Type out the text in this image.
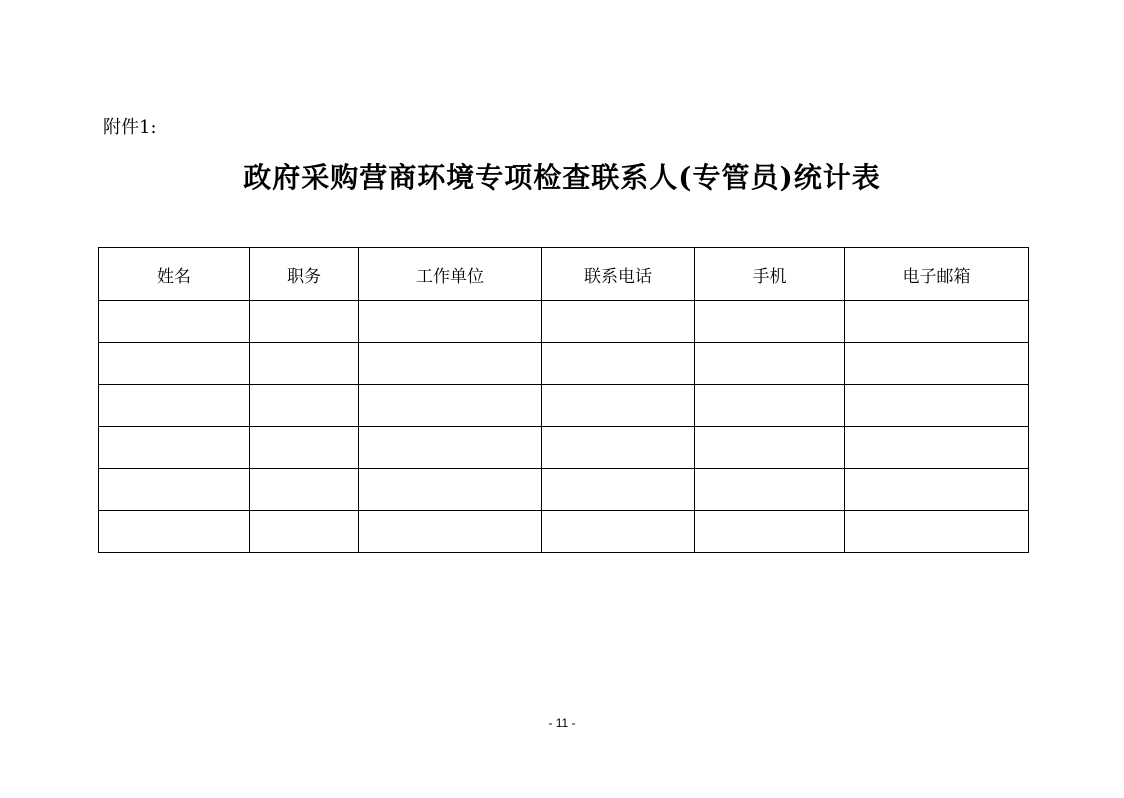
附件1:
政府采购营商环境专项检查联系人(专管员)统计表
姓名	职务	工作单位	联系电话	手机	电子邮箱

- 11 -
